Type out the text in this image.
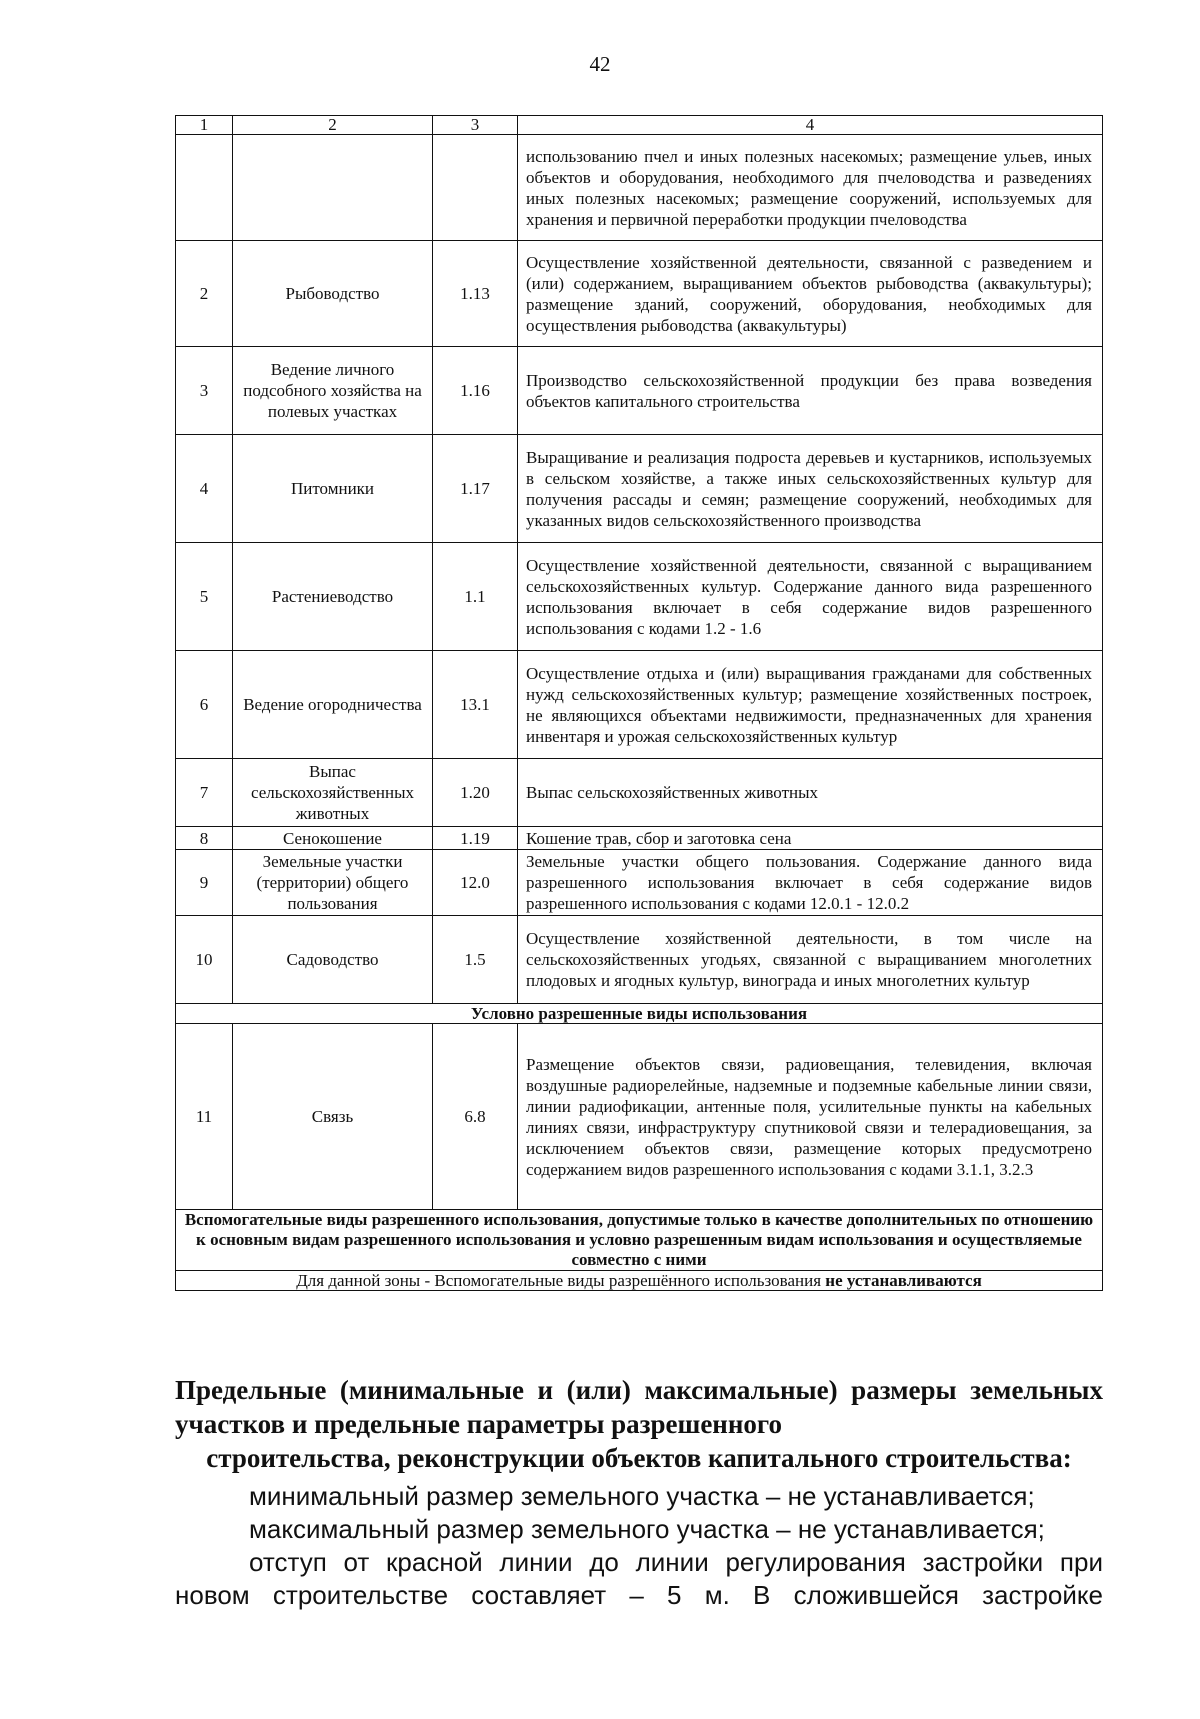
42
1	2	3	4
			использованию пчел и иных полезных насекомых; размещение ульев, иных объектов и оборудования, необходимого для пчеловодства и разведениях иных полезных насекомых; размещение сооружений, используемых для хранения и первичной переработки продукции пчеловодства
2	Рыбоводство	1.13	Осуществление хозяйственной деятельности, связанной с разведением и (или) содержанием, выращиванием объектов рыбоводства (аквакультуры); размещение зданий, сооружений, оборудования, необходимых для осуществления рыбоводства (аквакультуры)
3	Ведение личного подсобного хозяйства на полевых участках	1.16	Производство сельскохозяйственной продукции без права возведения объектов капитального строительства
4	Питомники	1.17	Выращивание и реализация подроста деревьев и кустарников, используемых в сельском хозяйстве, а также иных сельскохозяйственных культур для получения рассады и семян; размещение сооружений, необходимых для указанных видов сельскохозяйственного производства
5	Растениеводство	1.1	Осуществление хозяйственной деятельности, связанной с выращиванием сельскохозяйственных культур. Содержание данного вида разрешенного использования включает в себя содержание видов разрешенного использования с кодами 1.2 - 1.6
6	Ведение огородничества	13.1	Осуществление отдыха и (или) выращивания гражданами для собственных нужд сельскохозяйственных культур; размещение хозяйственных построек, не являющихся объектами недвижимости, предназначенных для хранения инвентаря и урожая сельскохозяйственных культур
7	Выпас сельскохозяйственных животных	1.20	Выпас сельскохозяйственных животных
8	Сенокошение	1.19	Кошение трав, сбор и заготовка сена
9	Земельные участки (территории) общего пользования	12.0	Земельные участки общего пользования. Содержание данного вида разрешенного использования включает в себя содержание видов разрешенного использования с кодами 12.0.1 - 12.0.2
10	Садоводство	1.5	Осуществление хозяйственной деятельности, в том числе на сельскохозяйственных угодьях, связанной с выращиванием многолетних плодовых и ягодных культур, винограда и иных многолетних культур
Условно разрешенные виды использования			
11	Связь	6.8	Размещение объектов связи, радиовещания, телевидения, включая воздушные радиорелейные, надземные и подземные кабельные линии связи, линии радиофикации, антенные поля, усилительные пункты на кабельных линиях связи, инфраструктуру спутниковой связи и телерадиовещания, за исключением объектов связи, размещение которых предусмотрено содержанием видов разрешенного использования с кодами 3.1.1, 3.2.3
Вспомогательные виды разрешенного использования, допустимые только в качестве дополнительных по отношению к основным видам разрешенного использования и условно разрешенным видам использования и осуществляемые совместно с ними			
Для данной зоны - Вспомогательные виды разрешённого использования не устанавливаются			
Предельные (минимальные и (или) максимальные) размеры земельных участков и предельные параметры разрешенного
строительства, реконструкции объектов капитального строительства:

минимальный размер земельного участка – не устанавливается;

максимальный размер земельного участка – не устанавливается;

отступ от красной линии до линии регулирования застройки при новом строительстве составляет – 5 м. В сложившейся застройке
